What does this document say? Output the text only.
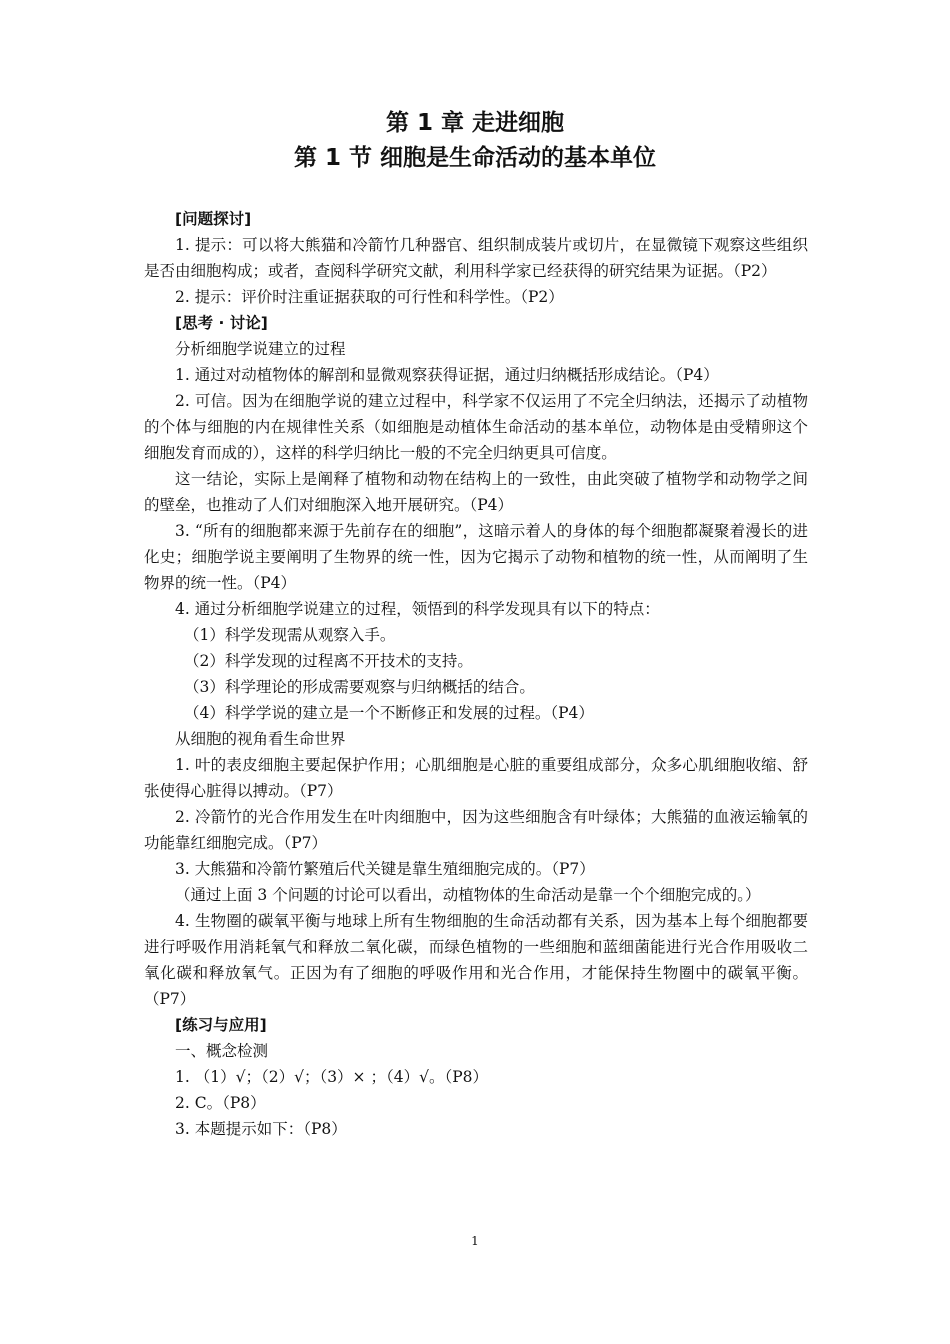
第 1 章 走进细胞
第 1 节 细胞是生命活动的基本单位

[问题探讨]

1. 提示：可以将大熊猫和冷箭竹几种器官、组织制成装片或切片，在显微镜下观察这些组织是否由细胞构成；或者，查阅科学研究文献，利用科学家已经获得的研究结果为证据。（P2）

2. 提示：评价时注重证据获取的可行性和科学性。（P2）

[思考 · 讨论]

分析细胞学说建立的过程

1. 通过对动植物体的解剖和显微观察获得证据，通过归纳概括形成结论。（P4）

2. 可信。因为在细胞学说的建立过程中，科学家不仅运用了不完全归纳法，还揭示了动植物的个体与细胞的内在规律性关系（如细胞是动植体生命活动的基本单位，动物体是由受精卵这个细胞发育而成的），这样的科学归纳比一般的不完全归纳更具可信度。

这一结论，实际上是阐释了植物和动物在结构上的一致性，由此突破了植物学和动物学之间的壁垒，也推动了人们对细胞深入地开展研究。（P4）

3. “所有的细胞都来源于先前存在的细胞”，这暗示着人的身体的每个细胞都凝聚着漫长的进化史；细胞学说主要阐明了生物界的统一性，因为它揭示了动物和植物的统一性，从而阐明了生物界的统一性。（P4）

4. 通过分析细胞学说建立的过程，领悟到的科学发现具有以下的特点：

（1）科学发现需从观察入手。

（2）科学发现的过程离不开技术的支持。

（3）科学理论的形成需要观察与归纳概括的结合。

（4）科学学说的建立是一个不断修正和发展的过程。（P4）

从细胞的视角看生命世界

1. 叶的表皮细胞主要起保护作用；心肌细胞是心脏的重要组成部分，众多心肌细胞收缩、舒张使得心脏得以搏动。（P7）

2. 冷箭竹的光合作用发生在叶肉细胞中，因为这些细胞含有叶绿体；大熊猫的血液运输氧的功能靠红细胞完成。（P7）

3. 大熊猫和冷箭竹繁殖后代关键是靠生殖细胞完成的。（P7）

（通过上面 3 个问题的讨论可以看出，动植物体的生命活动是靠一个个细胞完成的。）

4. 生物圈的碳氧平衡与地球上所有生物细胞的生命活动都有关系，因为基本上每个细胞都要进行呼吸作用消耗氧气和释放二氧化碳，而绿色植物的一些细胞和蓝细菌能进行光合作用吸收二氧化碳和释放氧气。正因为有了细胞的呼吸作用和光合作用，才能保持生物圈中的碳氧平衡。（P7）

[练习与应用]

一、概念检测

1. （1）√；（2）√；（3）× ；（4）√。（P8）

2. C。（P8）

3. 本题提示如下：（P8）

1
